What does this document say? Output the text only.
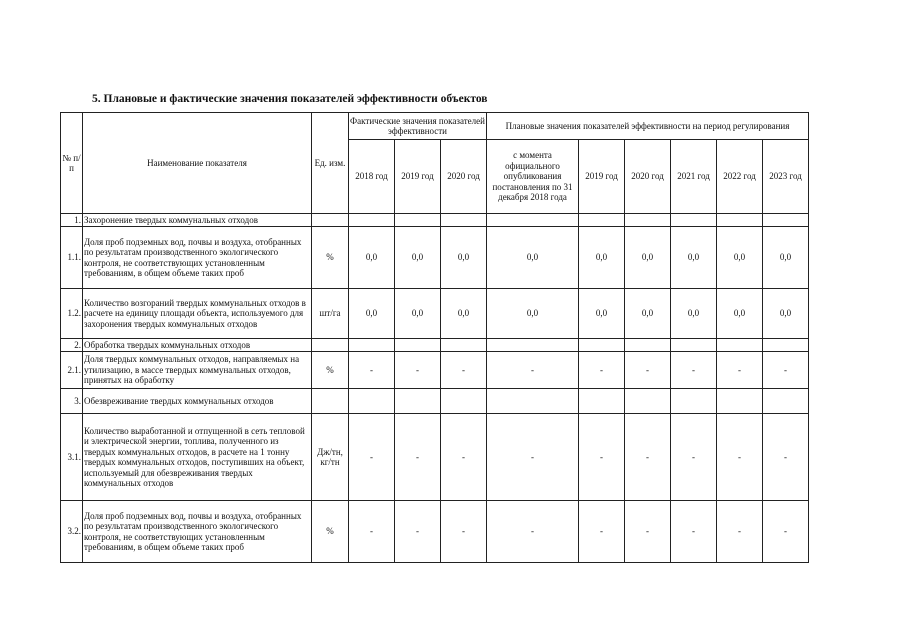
5. Плановые и фактические значения показателей эффективности объектов
№ п/п	Наименование показателя	Ед. изм.	Фактические значения показателей эффективности			Плановые значения показателей эффективности на период регулирования					
			2018 год	2019 год	2020 год	с момента официального опубликования постановления по 31 декабря 2018 года	2019 год	2020 год	2021 год	2022 год	2023 год
1.	Захоронение твердых коммунальных отходов										
1.1.	Доля проб подземных вод, почвы и воздуха, отобранных по результатам производственного экологического контроля, не соответствующих установленным требованиям, в общем объеме таких проб	%	0,0	0,0	0,0	0,0	0,0	0,0	0,0	0,0	0,0
1.2.	Количество возгораний твердых коммунальных отходов в расчете на единицу площади объекта, используемого для захоронения твердых коммунальных отходов	шт/га	0,0	0,0	0,0	0,0	0,0	0,0	0,0	0,0	0,0
2.	Обработка твердых коммунальных отходов										
2.1.	Доля твердых коммунальных отходов, направляемых на утилизацию, в массе твердых коммунальных отходов, принятых на обработку	%	-	-	-	-	-	-	-	-	-
3.	Обезвреживание твердых коммунальных отходов										
3.1.	Количество выработанной и отпущенной в сеть тепловой и электрической энергии, топлива, полученного из твердых коммунальных отходов, в расчете на 1 тонну твердых коммунальных отходов, поступивших на объект, используемый для обезвреживания твердых коммунальных отходов	Дж/тн, кг/тн	-	-	-	-	-	-	-	-	-
3.2.	Доля проб подземных вод, почвы и воздуха, отобранных по результатам производственного экологического контроля, не соответствующих установленным требованиям, в общем объеме таких проб	%	-	-	-	-	-	-	-	-	-
